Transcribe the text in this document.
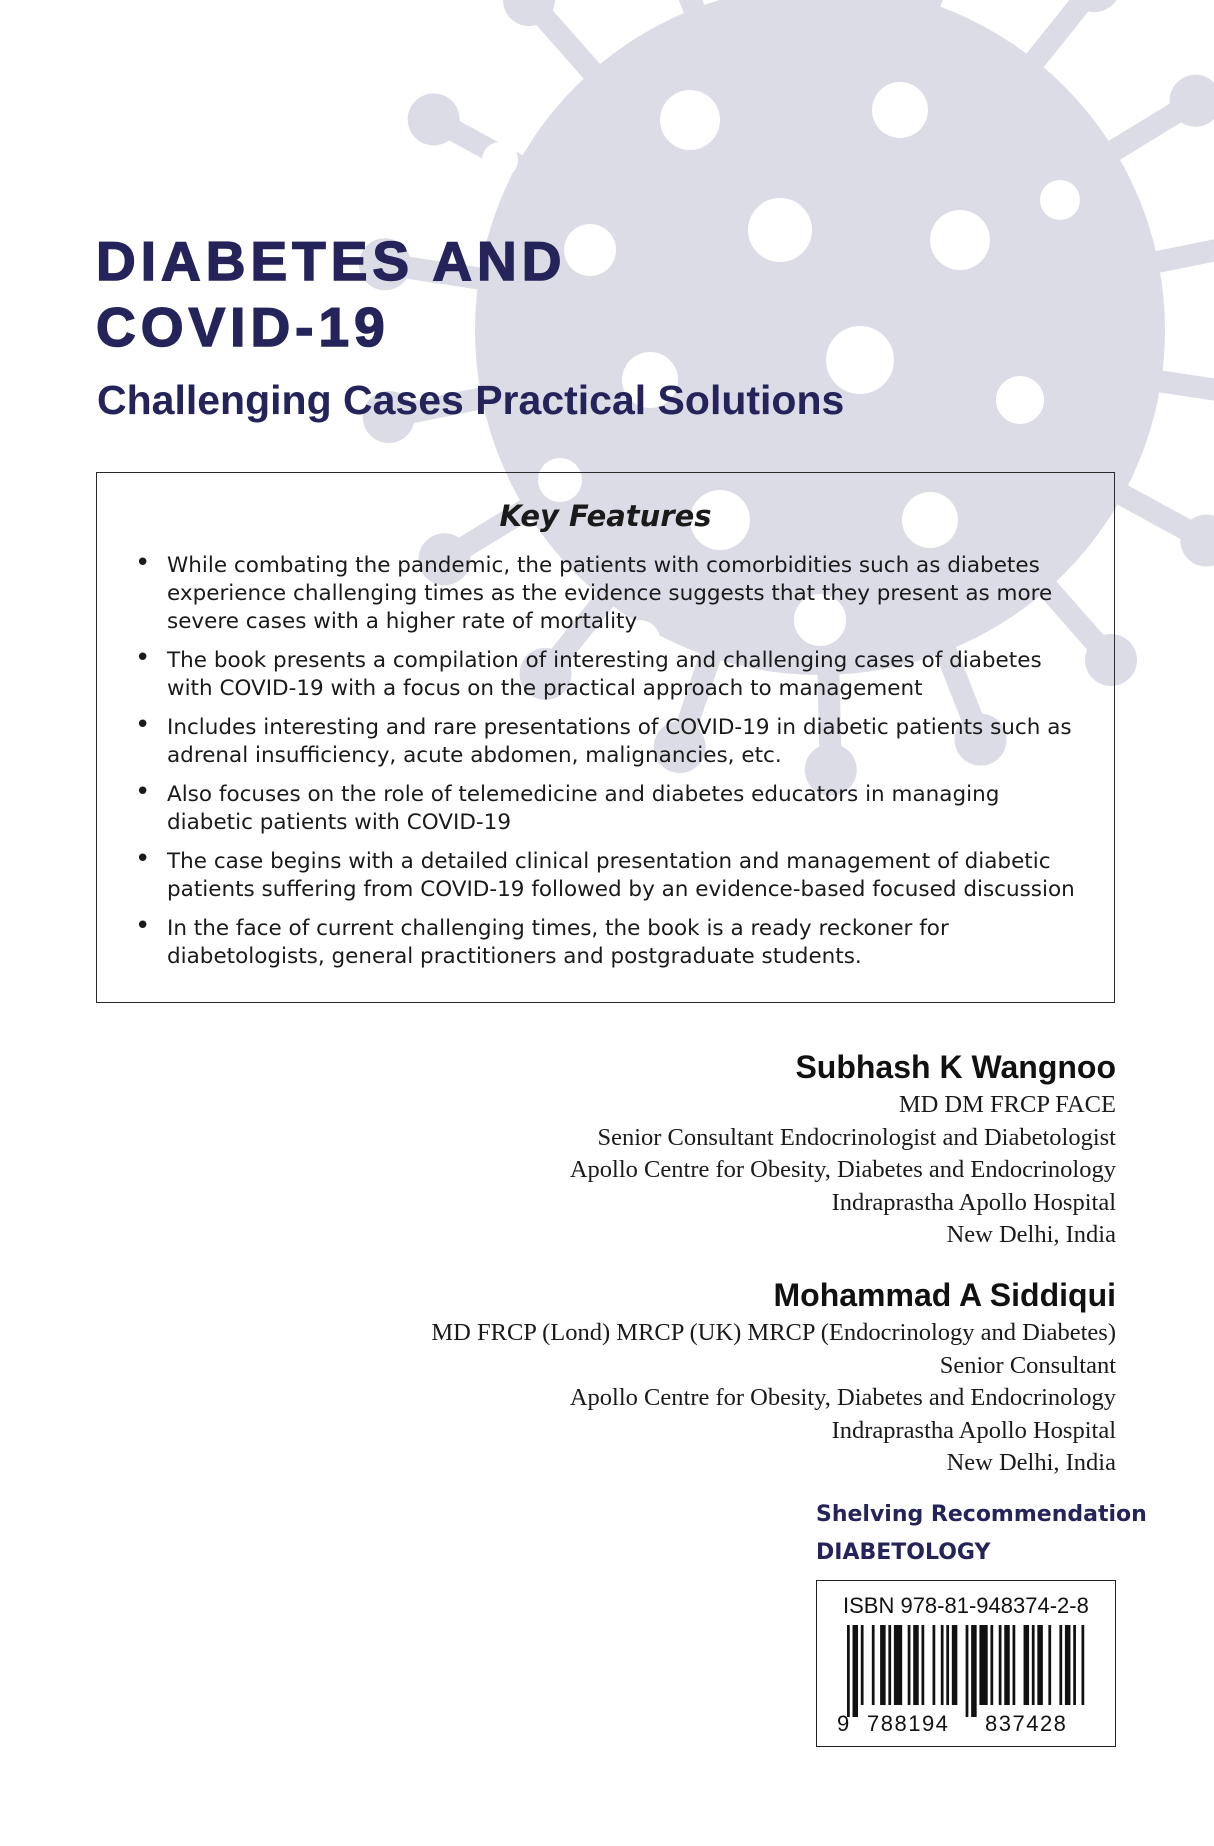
DIABETES AND
COVID-19
Challenging Cases Practical Solutions
Key Features
• While combating the pandemic, the patients with comorbidities such as diabetes experience challenging times as the evidence suggests that they present as more severe cases with a higher rate of mortality
• The book presents a compilation of interesting and challenging cases of diabetes with COVID-19 with a focus on the practical approach to management
• Includes interesting and rare presentations of COVID-19 in diabetic patients such as adrenal insufficiency, acute abdomen, malignancies, etc.
• Also focuses on the role of telemedicine and diabetes educators in managing diabetic patients with COVID-19
• The case begins with a detailed clinical presentation and management of diabetic patients suffering from COVID-19 followed by an evidence-based focused discussion
• In the face of current challenging times, the book is a ready reckoner for diabetologists, general practitioners and postgraduate students.
Subhash K Wangnoo
MD DM FRCP FACE
Senior Consultant Endocrinologist and Diabetologist
Apollo Centre for Obesity, Diabetes and Endocrinology
Indraprastha Apollo Hospital
New Delhi, India
Mohammad A Siddiqui
MD FRCP (Lond) MRCP (UK) MRCP (Endocrinology and Diabetes)
Senior Consultant
Apollo Centre for Obesity, Diabetes and Endocrinology
Indraprastha Apollo Hospital
New Delhi, India
Shelving Recommendation
DIABETOLOGY
ISBN 978-81-948374-2-8
9 788194 837428
